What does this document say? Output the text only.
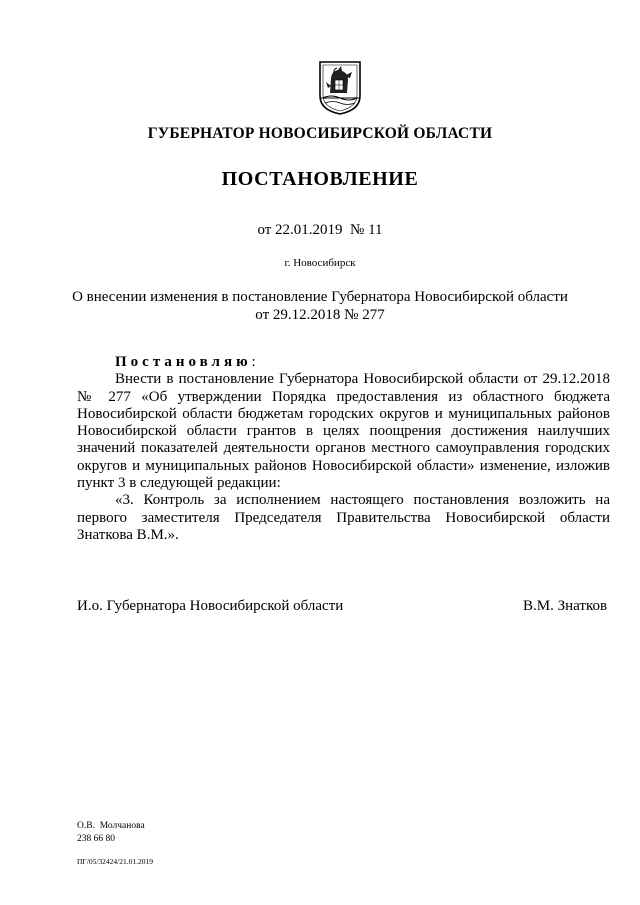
ГУБЕРНАТОР НОВОСИБИРСКОЙ ОБЛАСТИ
ПОСТАНОВЛЕНИЕ
от 22.01.2019  № 11
г. Новосибирск
О внесении изменения в постановление Губернатора Новосибирской области
от 29.12.2018 № 277

Постановляю:

Внести в постановление Губернатора Новосибирской области от 29.12.2018 № 277 «Об утверждении Порядка предоставления из областного бюджета Новосибирской области бюджетам городских округов и муниципальных районов Новосибирской области грантов в целях поощрения достижения наилучших значений показателей деятельности органов местного самоуправления городских округов и муниципальных районов Новосибирской области» изменение, изложив пункт 3 в следующей редакции:

«3. Контроль за исполнением настоящего постановления возложить на первого заместителя Председателя Правительства Новосибирской области Знаткова В.М.».

И.о. Губернатора Новосибирской области	В.М. Знатков
О.В.  Молчанова
238 66 80
ПГ/05/32424/21.01.2019
